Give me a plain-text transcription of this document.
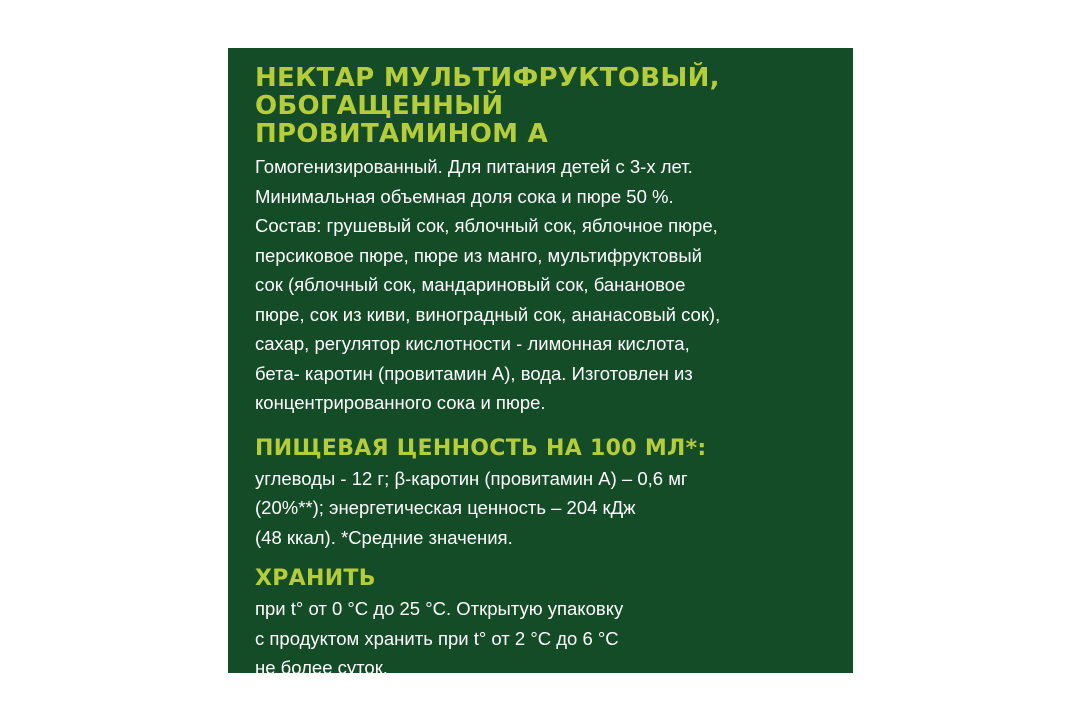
НЕКТАР МУЛЬТИФРУКТОВЫЙ,
ОБОГАЩЕННЫЙ
ПРОВИТАМИНОМ А

Гомогенизированный. Для питания детей с 3-х лет.
Минимальная объемная доля сока и пюре 50 %.
Состав: грушевый сок, яблочный сок, яблочное пюре,
персиковое пюре, пюре из манго, мультифруктовый
сок (яблочный сок, мандариновый сок, банановое
пюре, сок из киви, виноградный сок, ананасовый сок),
сахар, регулятор кислотности - лимонная кислота,
бета- каротин (провитамин А), вода. Изготовлен из
концентрированного сока и пюре.

ПИЩЕВАЯ ЦЕННОСТЬ НА 100 МЛ*:

углеводы - 12 г; β-каротин (провитамин А) – 0,6 мг
(20%**); энергетическая ценность – 204 кДж
(48 ккал). *Средние значения.

ХРАНИТЬ

при t° от 0 °С до 25 °С. Открытую упаковку
с продуктом хранить при t° от 2 °С до 6 °С
не более суток.
